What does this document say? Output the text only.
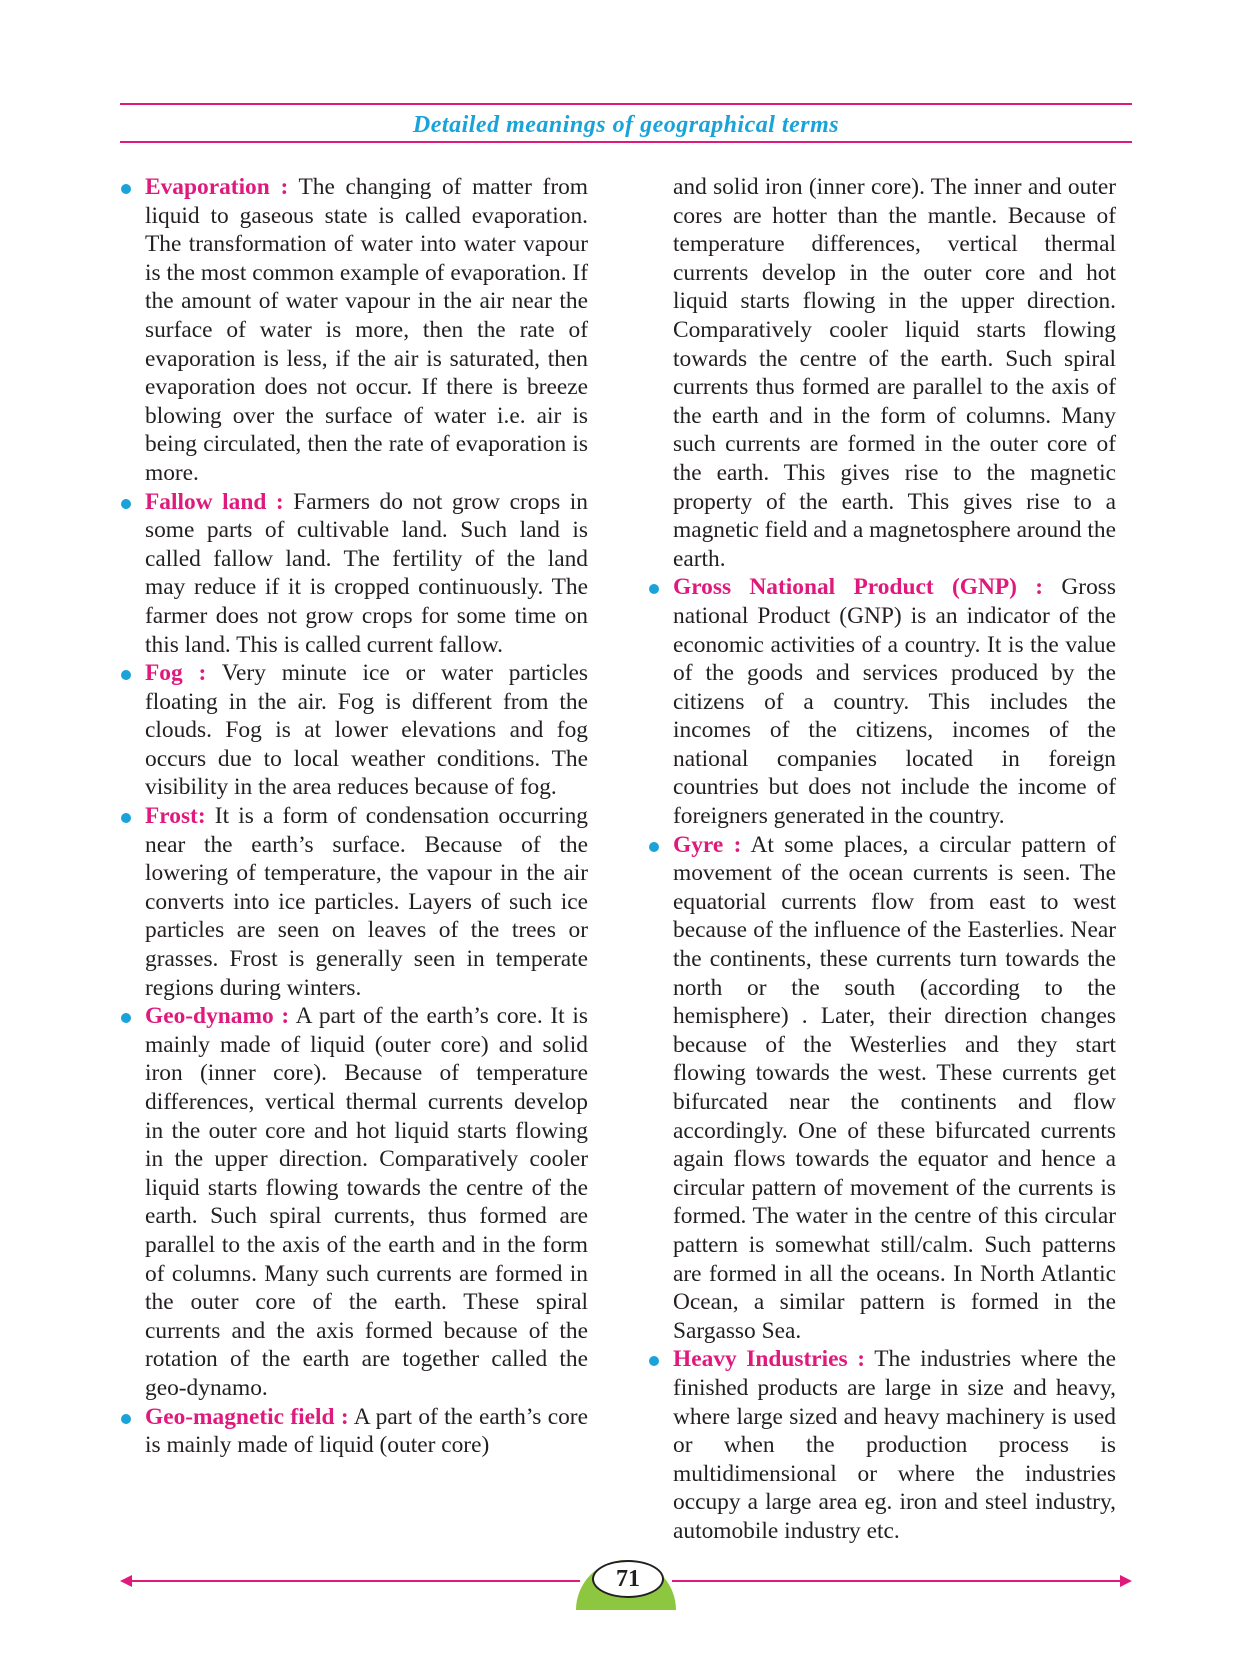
Detailed meanings of geographical terms

Evaporation : The changing of matter from liquid to gaseous state is called evaporation. The transformation of water into water vapour is the most common example of evaporation. If the amount of water vapour in the air near the surface of water is more, then the rate of evaporation is less, if the air is saturated, then evaporation does not occur. If there is breeze blowing over the surface of water i.e. air is being circulated, then the rate of evaporation is more.

Fallow land : Farmers do not grow crops in some parts of cultivable land. Such land is called fallow land. The fertility of the land may reduce if it is cropped continuously. The farmer does not grow crops for some time on this land. This is called current fallow.

Fog : Very minute ice or water particles floating in the air. Fog is different from the clouds. Fog is at lower elevations and fog occurs due to local weather conditions. The visibility in the area reduces because of fog.

Frost: It is a form of condensation occurring near the earth’s surface. Because of the lowering of temperature, the vapour in the air converts into ice particles. Layers of such ice particles are seen on leaves of the trees or grasses. Frost is generally seen in temperate regions during winters.

Geo-dynamo : A part of the earth’s core. It is mainly made of liquid (outer core) and solid iron (inner core). Because of temperature differences, vertical thermal currents develop in the outer core and hot liquid starts flowing in the upper direction. Comparatively cooler liquid starts flowing towards the centre of the earth. Such spiral currents, thus formed are parallel to the axis of the earth and in the form of columns. Many such currents are formed in the outer core of the earth. These spiral currents and the axis formed because of the rotation of the earth are together called the geo-dynamo.

Geo-magnetic field : A part of the earth’s core is mainly made of liquid (outer core)

and solid iron (inner core). The inner and outer cores are hotter than the mantle. Because of temperature differences, vertical thermal currents develop in the outer core and hot liquid starts flowing in the upper direction. Comparatively cooler liquid starts flowing towards the centre of the earth. Such spiral currents thus formed are parallel to the axis of the earth and in the form of columns. Many such currents are formed in the outer core of the earth. This gives rise to the magnetic property of the earth. This gives rise to a magnetic field and a magnetosphere around the earth.

Gross National Product (GNP) : Gross national Product (GNP) is an indicator of the economic activities of a country. It is the value of the goods and services produced by the citizens of a country. This includes the incomes of the citizens, incomes of the national companies located in foreign countries but does not include the income of foreigners generated in the country.

Gyre : At some places, a circular pattern of movement of the ocean currents is seen. The equatorial currents flow from east to west because of the influence of the Easterlies. Near the continents, these currents turn towards the north or the south (according to the hemisphere) . Later, their direction changes because of the Westerlies and they start flowing towards the west. These currents get bifurcated near the continents and flow accordingly. One of these bifurcated currents again flows towards the equator and hence a circular pattern of movement of the currents is formed. The water in the centre of this circular pattern is somewhat still/calm. Such patterns are formed in all the oceans. In North Atlantic Ocean, a similar pattern is formed in the Sargasso Sea.

Heavy Industries : The industries where the finished products are large in size and heavy, where large sized and heavy machinery is used or when the production process is multidimensional or where the industries occupy a large area eg. iron and steel industry, automobile industry etc.

71
